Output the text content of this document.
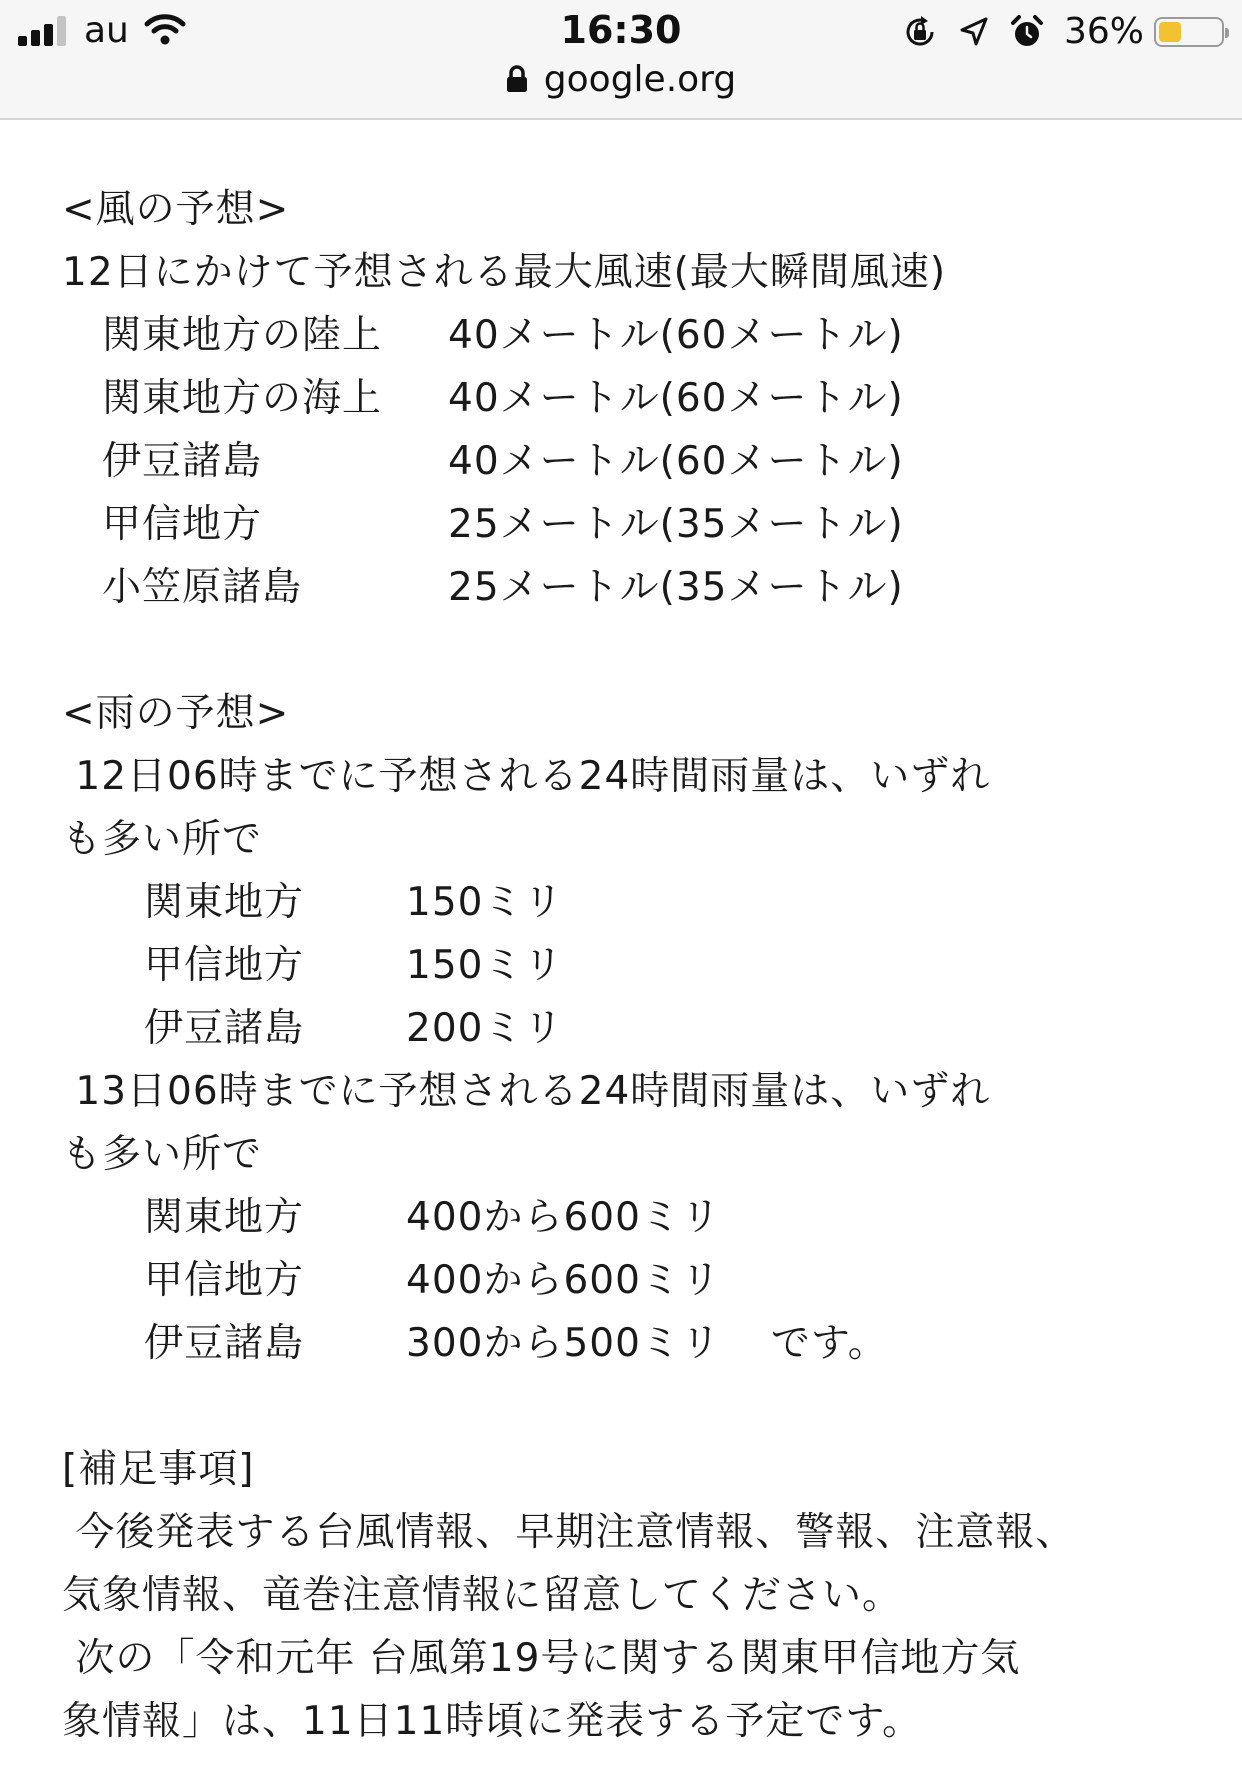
au	16:30
google.org
36%
<風の予想>
12日にかけて予想される最大風速(最大瞬間風速)
関東地方の陸上 40メートル(60メートル)
関東地方の海上 40メートル(60メートル)
伊豆諸島	40メートル(60メートル)
甲信地方	25メートル(35メートル)
小笠原諸島	25メートル(35メートル)
<雨の予想>
12日06時までに予想される24時間雨量は、いずれ
も多い所で
関東地方	150ミリ
甲信地方	150ミリ
伊豆諸島	200ミリ
13日06時までに予想される24時間雨量は、いずれ
も多い所で
関東地方	400から600ミリ
甲信地方	400から600ミリ
伊豆諸島	300から500ミリ です。
[補足事項]
今後発表する台風情報、早期注意情報、警報、注意報、
気象情報、竜巻注意情報に留意してください。
次の「令和元年 台風第19号に関する関東甲信地方気
象情報」は、11日11時頃に発表する予定です。
